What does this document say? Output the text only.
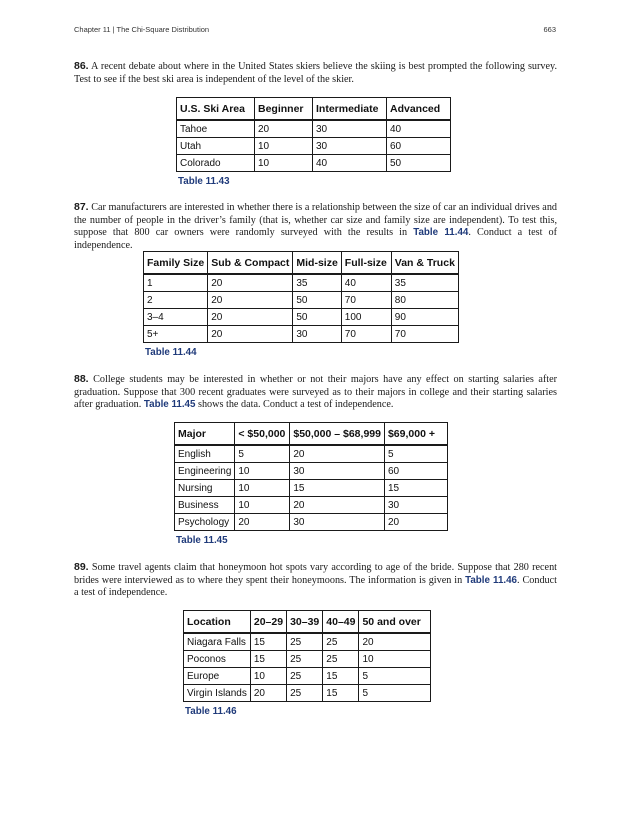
Chapter 11 | The Chi-Square Distribution	663
86. A recent debate about where in the United States skiers believe the skiing is best prompted the following survey. Test to see if the best ski area is independent of the level of the skier.
U.S. Ski Area	Beginner	Intermediate	Advanced
Tahoe	20	30	40
Utah	10	30	60
Colorado	10	40	50
Table 11.43
87. Car manufacturers are interested in whether there is a relationship between the size of car an individual drives and the number of people in the driver’s family (that is, whether car size and family size are independent). To test this, suppose that 800 car owners were randomly surveyed with the results in Table 11.44. Conduct a test of independence.
Family Size	Sub & Compact	Mid-size	Full-size	Van & Truck
1	20	35	40	35
2	20	50	70	80
3–4	20	50	100	90
5+	20	30	70	70
Table 11.44
88. College students may be interested in whether or not their majors have any effect on starting salaries after graduation. Suppose that 300 recent graduates were surveyed as to their majors in college and their starting salaries after graduation. Table 11.45 shows the data. Conduct a test of independence.
Major	< $50,000	$50,000 – $68,999	$69,000 +
English	5	20	5
Engineering	10	30	60
Nursing	10	15	15
Business	10	20	30
Psychology	20	30	20
Table 11.45
89. Some travel agents claim that honeymoon hot spots vary according to age of the bride. Suppose that 280 recent brides were interviewed as to where they spent their honeymoons. The information is given in Table 11.46. Conduct a test of independence.
Location	20–29	30–39	40–49	50 and over
Niagara Falls	15	25	25	20
Poconos	15	25	25	10
Europe	10	25	15	5
Virgin Islands	20	25	15	5
Table 11.46
